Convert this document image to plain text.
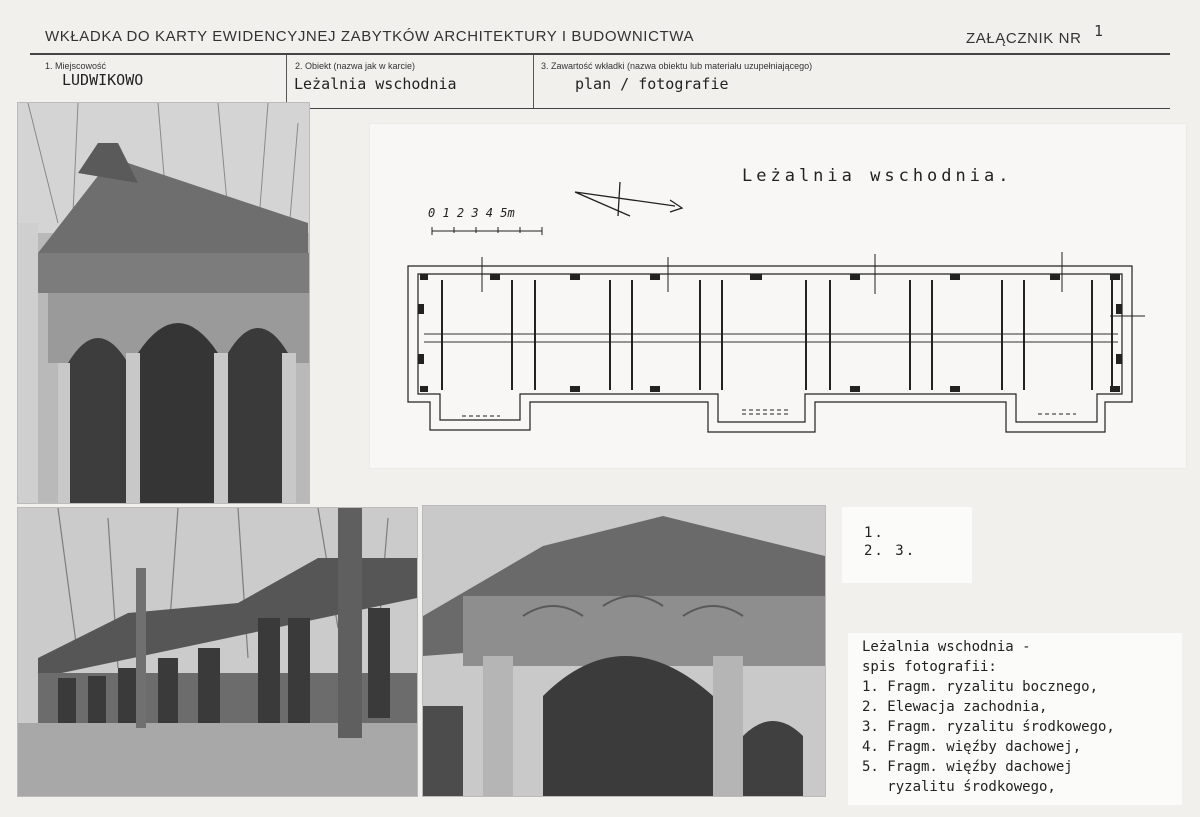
WKŁADKA DO KARTY EWIDENCYJNEJ ZABYTKÓW ARCHITEKTURY I BUDOWNICTWA	ZAŁĄCZNIK NR 1
1. Miejscowość
LUDWIKOWO
2. Obiekt (nazwa jak w karcie)
Leżalnia wschodnia
3. Zawartość wkładki (nazwa obiektu lub materiału uzupełniającego)
plan / fotografie
Leżalnia wschodnia.
0 1 2 3 4 5m
1.
2. 3.
Leżalnia wschodnia -
spis fotografii:
1. Fragm. ryzalitu bocznego,
2. Elewacja zachodnia,
3. Fragm. ryzalitu środkowego,
4. Fragm. więźby dachowej,
5. Fragm. więźby dachowej
ryzalitu środkowego,
